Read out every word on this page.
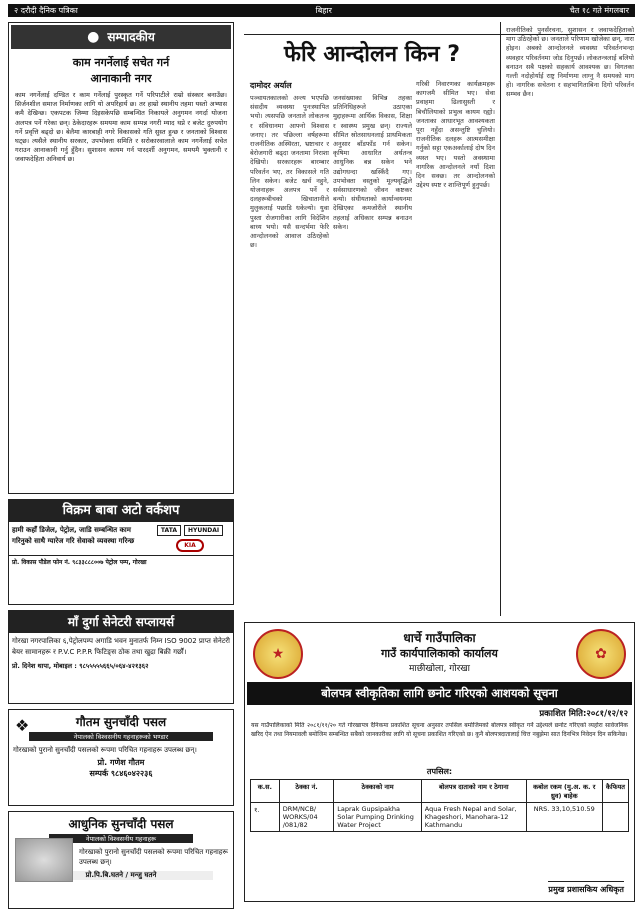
२ दरौदी दैनिक पत्रिका	बिहार	चैत १८ गते मंगलबार
● सम्पादकीय
काम नगर्नेलाई सचेत गर्न
आनाकानी नगर
काम नगर्नेलाई दण्डित र काम गर्नेलाई पुरस्कृत गर्ने परिपाटीले राम्रो संस्कार बनाउँछ। सिर्जनशील समाज निर्माणका लागि यो अपरिहार्य छ। तर हाम्रो स्थानीय तहमा यस्तो अभ्यास कमै देखिन्छ। एकपटक जिम्मा दिइसकेपछि सम्बन्धित निकायले अनुगमन नगर्दा योजना अलपत्र पर्ने गरेका छन्। ठेकेदारहरू समयमा काम सम्पन्न नगरी म्याद थप्ने र बजेट दुरुपयोग गर्ने प्रवृत्ति बढ्दो छ। बेलैमा कारबाही नगरे विकासको गति सुस्त हुन्छ र जनताको विश्वास घट्छ। त्यसैले स्थानीय सरकार, उपभोक्ता समिति र सरोकारवालाले काम नगर्नेलाई सचेत गराउन आनाकानी गर्नु हुँदैन। सुशासन कायम गर्न पारदर्शी अनुगमन, समयमै भुक्तानी र जवाफदेहिता अनिवार्य छ।
विक्रम बाबा अटो वर्कशप
हामी कहाँ डिजेल, पेट्रोल, जाडि सम्बन्धित काम गरिनुको साथै ग्यारेज गरि सेवाको व्यवस्था गरिन्छ
TATA	HYUNDAI
KIA
प्रो. विकास पौडेल फोन नं. ९८३३८८८००७ पेट्रोल पम्प, गोरखा
माँ दुर्गा सेनेटरी सप्लायर्स
गोरखा नगरपालिका ६,पेट्रोलपम्प अगाडि भवन मुनातर्फ निम्न ISO 9002 प्राप्त सेनेटरी बेयर सामानहरू र P.V.C P.P.R फिटिङ्स ठोक तथा खुद्रा बिक्री गर्छौं।
प्रो. दिनेश थापा, मोबाइल : ९८५५५५५६६५/०६४-४२१३६२
गौतम सुनचाँदी पसल
नेपालको विश्वसनीय गहनाहरूको भण्डार
गोरखाको पुरानो सुनचाँदी पसलको रूपमा परिचित गहनाहरू उपलब्ध छन्।
प्रो. गणेश गौतम
सम्पर्क ९८४६०४२२३६
❖
आधुनिक सुनचाँदी पसल
नेपालको विश्वसनीय गहनाहरू
गोरखाको पुरानो सुनचाँदी पसलको रूपमा परिचित गहनाहरू उपलब्ध छन्।
प्रो.पि.बि.घतने / मन्जु घतने
फेरि आन्दोलन किन ?
दामोदर अर्याल
पञ्चायतकालको अन्त्य भएपछि संसदीय व्यवस्था पुनःस्थापित भयो। त्यसपछि जनताले लोकतन्त्र र संविधानमा आफ्नो विश्वास जनाए। तर पछिल्ला वर्षहरूमा राजनीतिक अस्थिरता, भ्रष्टाचार र बेरोजगारी बढ्दा जनतामा निराशा देखियो। सरकारहरू बारम्बार परिवर्तन भए, तर विकासले गति लिन सकेन। बजेट खर्च नहुने, योजनाहरू अलपत्र पर्ने र दलहरूबीचको खिचातानीले मुलुकलाई पछाडि धकेल्यो। युवा पुस्ता रोजगारीका लागि विदेशिन बाध्य भयो। यसै सन्दर्भमा फेरि आन्दोलनको आवाज उठिरहेको छ।
जनसंख्याका विभिन्न तहका प्रतिनिधिहरूले उठाएका मुद्दाहरूमा आर्थिक विकास, शिक्षा र स्वास्थ्य प्रमुख छन्। राज्यले सीमित स्रोतसाधनलाई प्राथमिकता अनुसार बाँडफाँड गर्न सकेन। कृषिमा आधारित अर्थतन्त्र आधुनिक बन्न सकेन भने उद्योगधन्दा खस्किँदै गए। उपभोक्ता वस्तुको मूल्यवृद्धिले सर्वसाधारणको जीवन कष्टकर बन्यो। संघीयताको कार्यान्वयनमा देखिएका कमजोरीले स्थानीय तहलाई अधिकार सम्पन्न बनाउन सकेन।
गरिबी निवारणका कार्यक्रमहरू कागजमै सीमित भए। सेवा प्रवाहमा ढिलासुस्ती र बिचौलियाको प्रभुत्व कायम रह्यो। जनताका आधारभूत आवश्यकता पूरा नहुँदा असन्तुष्टि चुलियो। राजनीतिक दलहरू आत्मसमीक्षा गर्नुको सट्टा एकअर्कालाई दोष दिन व्यस्त भए। यस्तो अवस्थामा नागरिक आन्दोलनले नयाँ दिशा दिन सक्छ। तर आन्दोलनको उद्देश्य स्पष्ट र शान्तिपूर्ण हुनुपर्छ।
राजनीतिको पुनर्संरचना, सुशासन र जवाफदेहिताको माग उठिरहेको छ। जनताले परिणाम खोजेका छन्, नारा होइन। अबको आन्दोलनले व्यवस्था परिवर्तनभन्दा व्यवहार परिवर्तनमा जोड दिनुपर्छ। लोकतन्त्रलाई बलियो बनाउन सबै पक्षको सहकार्य आवश्यक छ। विगतका गल्ती नदोहोर्याई राष्ट्र निर्माणमा लाग्नु नै समयको माग हो। नागरिक सचेतना र सहभागिताबिना दिगो परिवर्तन सम्भव छैन।
★	✿
धार्चे गाउँपालिका
गाउँ कार्यपालिकाको कार्यालय
माछीखोला, गोरखा
बोलपत्र स्वीकृतिका लागि छनोट गरिएको आशयको सूचना
प्रकाशित मिति:२०८१/१२/१२
यस गाउँपालिकाको मिति २०८१/११/२० गते गोरखापत्र दैनिकमा प्रकाशित सूचना अनुसार तपसिल बमोजिमको बोलपत्र स्वीकृत गर्ने उद्देश्यले छनोट गरिएको व्यहोरा सार्वजनिक खरिद ऐन तथा नियमावली बमोजिम सम्बन्धित सबैको जानकारीका लागि यो सूचना प्रकाशित गरिएको छ। कुनै बोलपत्रदातालाई चित्त नबुझेमा सात दिनभित्र निवेदन दिन सकिनेछ।
तपसिल:
क.स.	ठेक्का नं.	ठेक्काको नाम	बोलपत्र दाताको नाम र ठेगाना	कबोल रकम (मु.अ. क. र ध्रुव) बाहेक	कैफियत
१.	DRM/NCB/ WORKS/04 /081/82	Laprak Gupsipakha Solar Pumping Drinking Water Project	Aqua Fresh Nepal and Solar, Khageshori, Manohara-12 Kathmandu	NRS. 33,10,510.59	
प्रमुख प्रशासकिय अधिकृत
